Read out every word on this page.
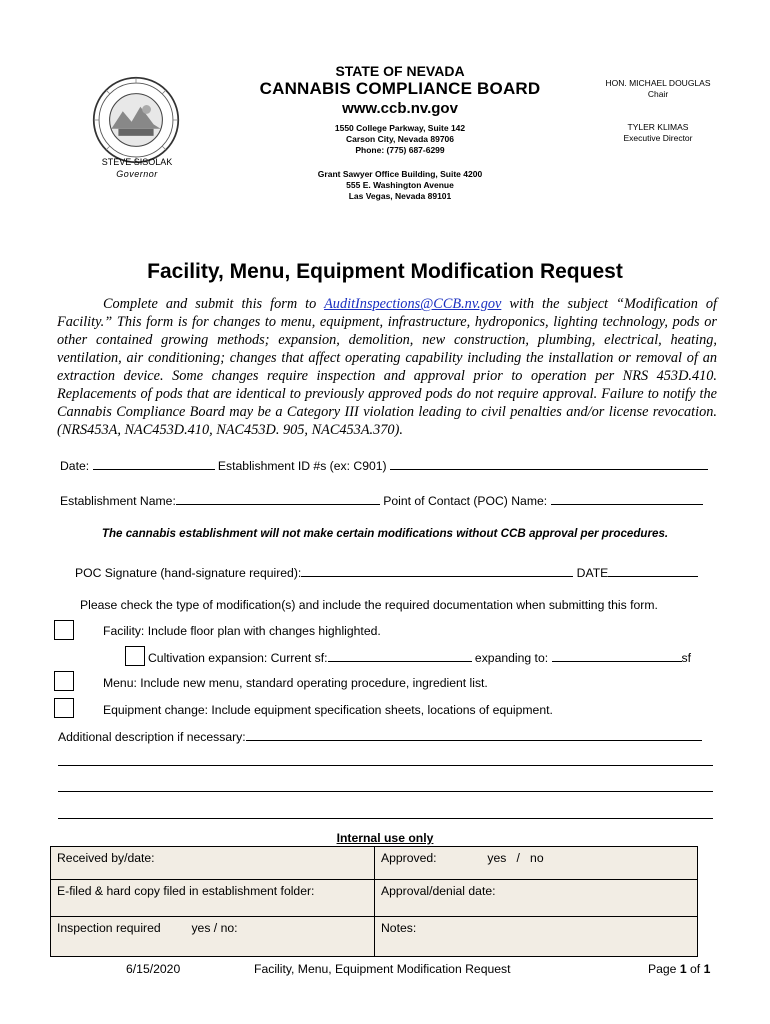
STEVE SISOLAK
Governor
STATE OF NEVADA
CANNABIS COMPLIANCE BOARD
www.ccb.nv.gov
1550 College Parkway, Suite 142
Carson City, Nevada 89706
Phone: (775) 687-6299
Grant Sawyer Office Building, Suite 4200
555 E. Washington Avenue
Las Vegas, Nevada 89101
HON. MICHAEL DOUGLAS
Chair
TYLER KLIMAS
Executive Director
Facility, Menu, Equipment Modification Request
Complete and submit this form to AuditInspections@CCB.nv.gov with the subject “Modification of Facility.” This form is for changes to menu, equipment, infrastructure, hydroponics, lighting technology, pods or other contained growing methods; expansion, demolition, new construction, plumbing, electrical, heating, ventilation, air conditioning; changes that affect operating capability including the installation or removal of an extraction device. Some changes require inspection and approval prior to operation per NRS 453D.410. Replacements of pods that are identical to previously approved pods do not require approval. Failure to notify the Cannabis Compliance Board may be a Category III violation leading to civil penalties and/or license revocation. (NRS453A, NAC453D.410, NAC453D. 905, NAC453A.370).
Date:	Establishment ID #s (ex: C901)
Establishment Name:	Point of Contact (POC) Name:
The cannabis establishment will not make certain modifications without CCB approval per procedures.
POC Signature (hand-signature required):	DATE
Please check the type of modification(s) and include the required documentation when submitting this form.
Facility: Include floor plan with changes highlighted.
Cultivation expansion: Current sf:	expanding to:	sf
Menu: Include new menu, standard operating procedure, ingredient list.
Equipment change: Include equipment specification sheets, locations of equipment.
Additional description if necessary:
Internal use only
Received by/date:	Approved: yes / no
E-filed & hard copy filed in establishment folder:	Approval/denial date:
Inspection required yes / no:	Notes:
6/15/2020	Facility, Menu, Equipment Modification Request	Page 1 of 1
